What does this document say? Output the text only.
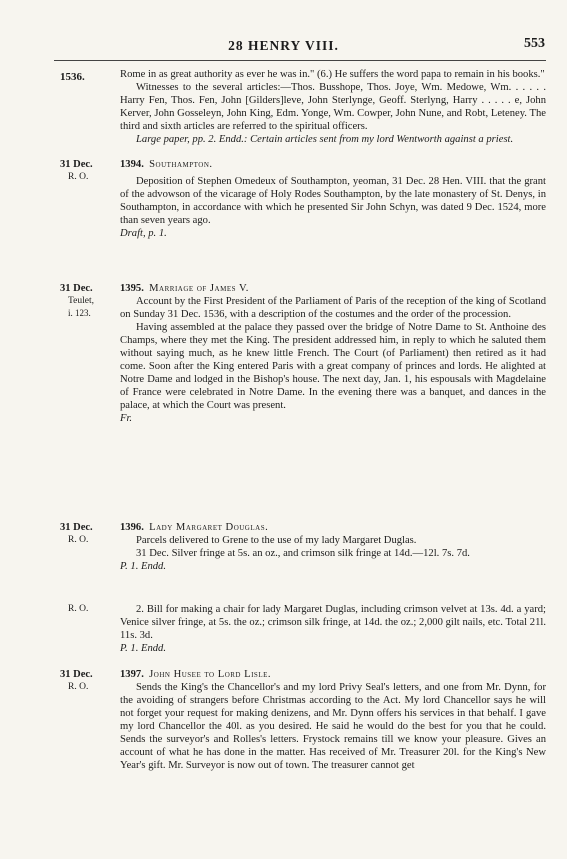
28 HENRY VIII.	553
1536.	Rome in as great authority as ever he was in." (6.) He suffers the word papa to remain in his books."

Witnesses to the several articles:—Thos. Busshope, Thos. Joye, Wm. Medowe, Wm. . . . . . Harry Fen, Thos. Fen, John [Gilders]leve, John Sterlynge, Geoff. Sterlyng, Harry . . . . . e, John Kerver, John Gosseleyn, John King, Edm. Yonge, Wm. Cowper, John Nune, and Robt, Leteney. The third and sixth articles are referred to the spiritual officers.

Large paper, pp. 2. Endd.: Certain articles sent from my lord Wentworth against a priest.

31 Dec.
R. O.

1394. Southampton.

Deposition of Stephen Omedeux of Southampton, yeoman, 31 Dec. 28 Hen. VIII. that the grant of the advowson of the vicarage of Holy Rodes Southampton, by the late monastery of St. Denys, in Southampton, in accordance with which he presented Sir John Schyn, was dated 9 Dec. 1524, more than seven years ago.

Draft, p. 1.

31 Dec.
Teulet,
i. 123.

1395. Marriage of James V.

Account by the First President of the Parliament of Paris of the reception of the king of Scotland on Sunday 31 Dec. 1536, with a description of the costumes and the order of the procession.

Having assembled at the palace they passed over the bridge of Notre Dame to St. Anthoine des Champs, where they met the King. The president addressed him, in reply to which he saluted them without saying much, as he knew little French. The Court (of Parliament) then retired as it had come. Soon after the King entered Paris with a great company of princes and lords. He alighted at Notre Dame and lodged in the Bishop's house. The next day, Jan. 1, his espousals with Magdelaine of France were celebrated in Notre Dame. In the evening there was a banquet, and dances in the palace, at which the Court was present.

Fr.

31 Dec.
R. O.

1396. Lady Margaret Douglas.

Parcels delivered to Grene to the use of my lady Margaret Duglas.

31 Dec. Silver fringe at 5s. an oz., and crimson silk fringe at 14d.—12l. 7s. 7d.

P. 1. Endd.

R. O.	2. Bill for making a chair for lady Margaret Duglas, including crimson velvet at 13s. 4d. a yard; Venice silver fringe, at 5s. the oz.; crimson silk fringe, at 14d. the oz.; 2,000 gilt nails, etc. Total 21l. 11s. 3d.

P. 1. Endd.

31 Dec.
R. O.

1397. John Husee to Lord Lisle.

Sends the King's the Chancellor's and my lord Privy Seal's letters, and one from Mr. Dynn, for the avoiding of strangers before Christmas according to the Act. My lord Chancellor says he will not forget your request for making denizens, and Mr. Dynn offers his services in that behalf. I gave my lord Chancellor the 40l. as you desired. He said he would do the best for you that he could. Sends the surveyor's and Rolles's letters. Frystock remains till we know your pleasure. Gives an account of what he has done in the matter. Has received of Mr. Treasurer 20l. for the King's New Year's gift. Mr. Surveyor is now out of town. The treasurer cannot get
